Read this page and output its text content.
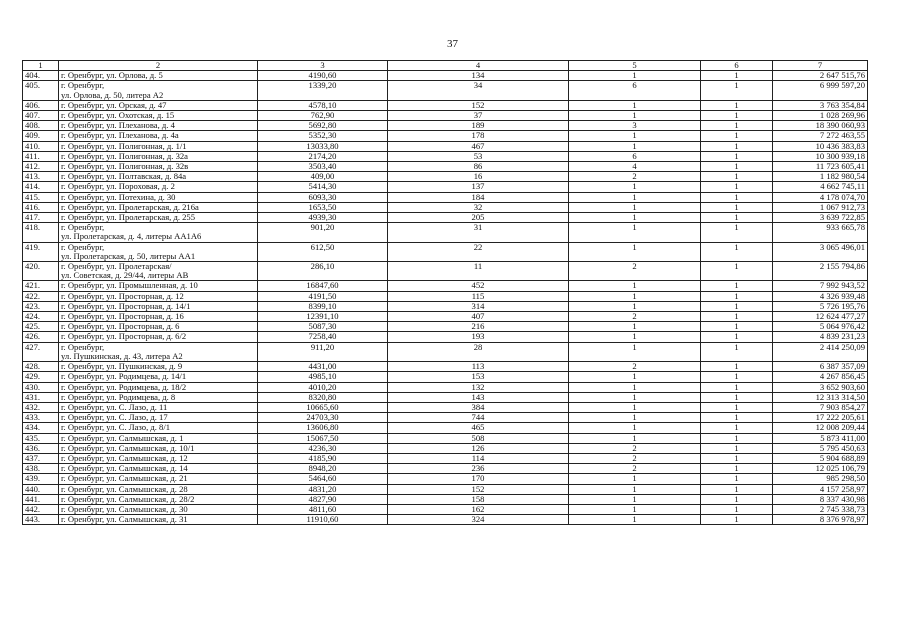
37
1	2	3	4	5	6	7
404.	г. Оренбург, ул. Орлова, д. 5	4190,60	134	1	1	2 647 515,76
405.	г. Оренбург,
ул. Орлова, д. 50, литера А2	1339,20	34	6	1	6 999 597,20
406.	г. Оренбург, ул. Орская, д. 47	4578,10	152	1	1	3 763 354,84
407.	г. Оренбург, ул. Охотская, д. 15	762,90	37	1	1	1 028 269,96
408.	г. Оренбург, ул. Плеханова, д. 4	5692,80	189	3	1	18 390 060,93
409.	г. Оренбург, ул. Плеханова, д. 4а	5352,30	178	1	1	7 272 463,55
410.	г. Оренбург, ул. Полигонная, д. 1/1	13033,80	467	1	1	10 436 383,83
411.	г. Оренбург, ул. Полигонная, д. 32а	2174,20	53	6	1	10 300 939,18
412.	г. Оренбург, ул. Полигонная, д. 32в	3503,40	86	4	1	11 723 605,41
413.	г. Оренбург, ул. Полтавская, д. 84а	409,00	16	2	1	1 182 980,54
414.	г. Оренбург, ул. Пороховая, д. 2	5414,30	137	1	1	4 662 745,11
415.	г. Оренбург, ул. Потехина, д. 30	6093,30	184	1	1	4 178 074,70
416.	г. Оренбург, ул. Пролетарская, д. 216а	1653,50	32	1	1	1 067 912,73
417.	г. Оренбург, ул. Пролетарская, д. 255	4939,30	205	1	1	3 639 722,85
418.	г. Оренбург,
ул. Пролетарская, д. 4, литеры АА1А6	901,20	31	1	1	933 665,78
419.	г. Оренбург,
ул. Пролетарская, д. 50, литеры АА1	612,50	22	1	1	3 065 496,01
420.	г. Оренбург, ул. Пролетарская/
ул. Советская, д. 29/44, литеры АВ	286,10	11	2	1	2 155 794,86
421.	г. Оренбург, ул. Промышленная, д. 10	16847,60	452	1	1	7 992 943,52
422.	г. Оренбург, ул. Просторная, д. 12	4191,50	115	1	1	4 326 939,48
423.	г. Оренбург, ул. Просторная, д. 14/1	8399,10	314	1	1	5 726 195,76
424.	г. Оренбург, ул. Просторная, д. 16	12391,10	407	2	1	12 624 477,27
425.	г. Оренбург, ул. Просторная, д. 6	5087,30	216	1	1	5 064 976,42
426.	г. Оренбург, ул. Просторная, д. 6/2	7258,40	193	1	1	4 839 231,23
427.	г. Оренбург,
ул. Пушкинская, д. 43, литера А2	911,20	28	1	1	2 414 250,09
428.	г. Оренбург, ул. Пушкинская, д. 9	4431,00	113	2	1	6 387 357,09
429.	г. Оренбург, ул. Родимцева, д. 14/1	4985,10	153	1	1	4 267 856,45
430.	г. Оренбург, ул. Родимцева, д. 18/2	4010,20	132	1	1	3 652 903,60
431.	г. Оренбург, ул. Родимцева, д. 8	8320,80	143	1	1	12 313 314,50
432.	г. Оренбург, ул. С. Лазо, д. 11	10665,60	384	1	1	7 903 854,27
433.	г. Оренбург, ул. С. Лазо, д. 17	24703,30	744	1	1	17 222 205,61
434.	г. Оренбург, ул. С. Лазо, д. 8/1	13606,80	465	1	1	12 008 209,44
435.	г. Оренбург, ул. Салмышская, д. 1	15067,50	508	1	1	5 873 411,00
436.	г. Оренбург, ул. Салмышская, д. 10/1	4236,30	126	2	1	5 795 450,63
437.	г. Оренбург, ул. Салмышская, д. 12	4185,90	114	2	1	5 904 688,89
438.	г. Оренбург, ул. Салмышская, д. 14	8948,20	236	2	1	12 025 106,79
439.	г. Оренбург, ул. Салмышская, д. 21	5464,60	170	1	1	985 298,50
440.	г. Оренбург, ул. Салмышская, д. 28	4831,20	152	1	1	4 157 258,97
441.	г. Оренбург, ул. Салмышская, д. 28/2	4827,90	158	1	1	8 337 430,98
442.	г. Оренбург, ул. Салмышская, д. 30	4811,60	162	1	1	2 745 338,73
443.	г. Оренбург, ул. Салмышская, д. 31	11910,60	324	1	1	8 376 978,97
